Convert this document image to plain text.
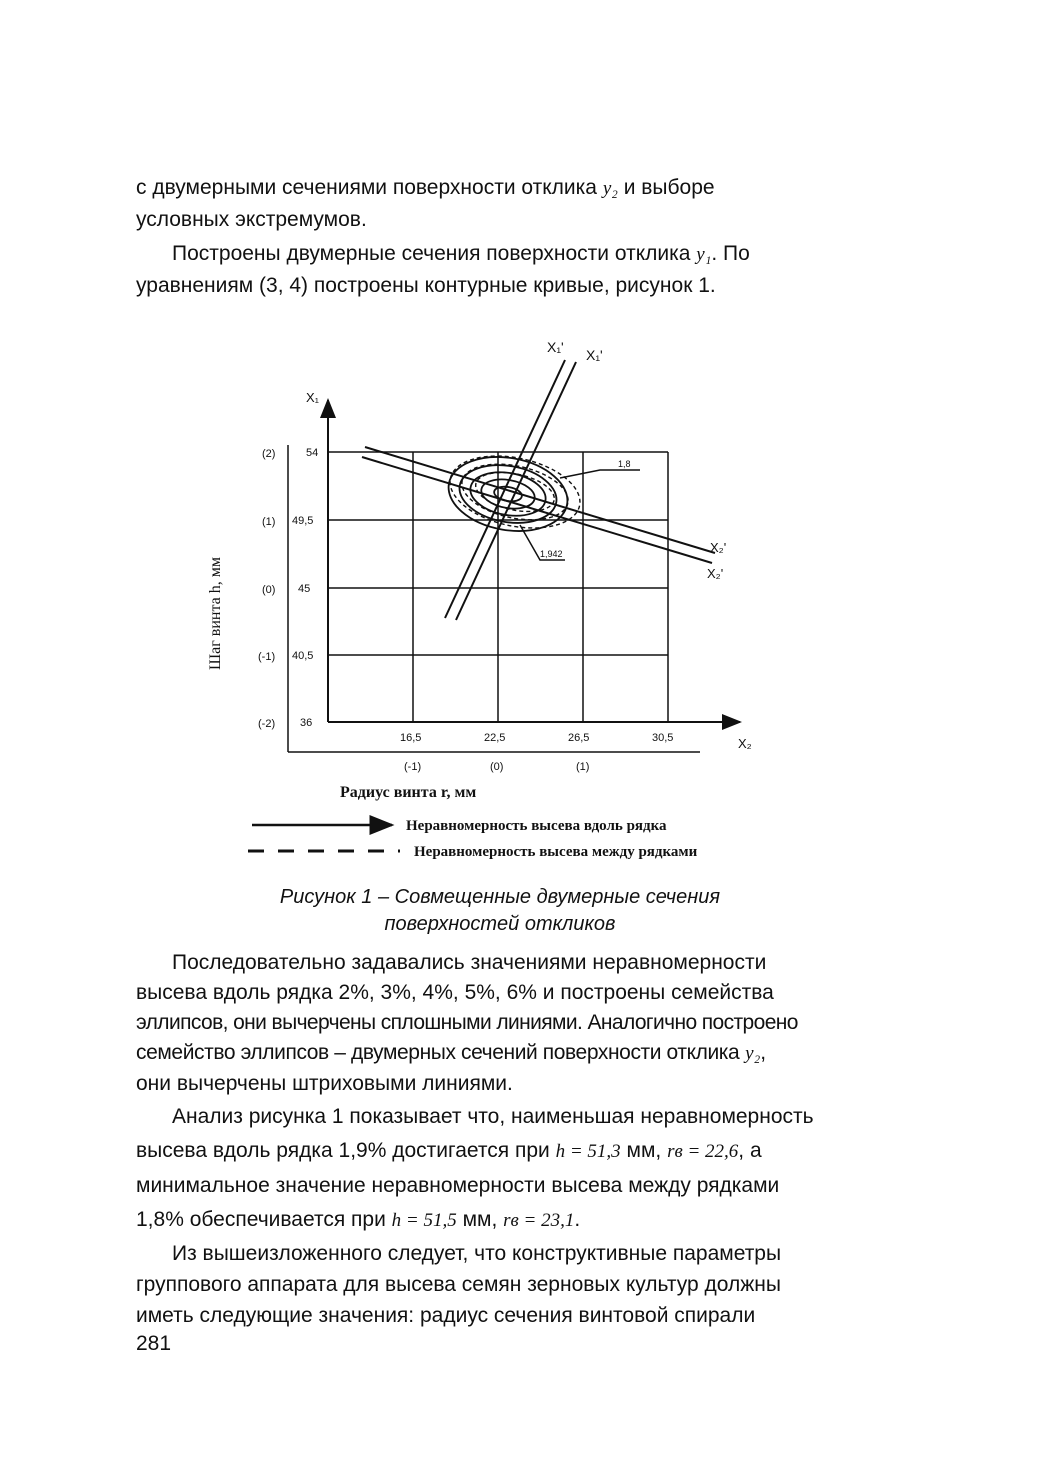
с двумерными сечениями поверхности отклика y₂ и выборе
условных экстремумов.

Построены двумерные сечения поверхности отклика y₁. По
уравнениям (3, 4) построены контурные кривые, рисунок 1.

54
49,5
45
40,5
36
(2)
(1)
(0)
(-1)
(-2)
16,5	22,5	26,5	30,5
(-1)	(0)	(1)
X₂
X₁
Шаг винта h, мм
Радиус винта r, мм
X₁' X₁'
X₂'
X₂'
1,8
1,942
Неравномерность высева вдоль рядка
Неравномерность высева между рядками
Рисунок 1 – Совмещенные двумерные сечения
поверхностей откликов

Последовательно задавались значениями неравномерности
высева вдоль рядка 2%, 3%, 4%, 5%, 6% и построены семейства
эллипсов, они вычерчены сплошными линиями. Аналогично построено
семейство эллипсов – двумерных сечений поверхности отклика y₂,
они вычерчены штриховыми линиями.

Анализ рисунка 1 показывает что, наименьшая неравномерность
высева вдоль рядка 1,9% достигается при h = 51,3 мм, rв = 22,6, а
минимальное значение неравномерности высева между рядками
1,8% обеспечивается при h = 51,5 мм, rв = 23,1.

Из вышеизложенного следует, что конструктивные параметры
группового аппарата для высева семян зерновых культур должны
иметь следующие значения: радиус сечения винтовой спирали

281
